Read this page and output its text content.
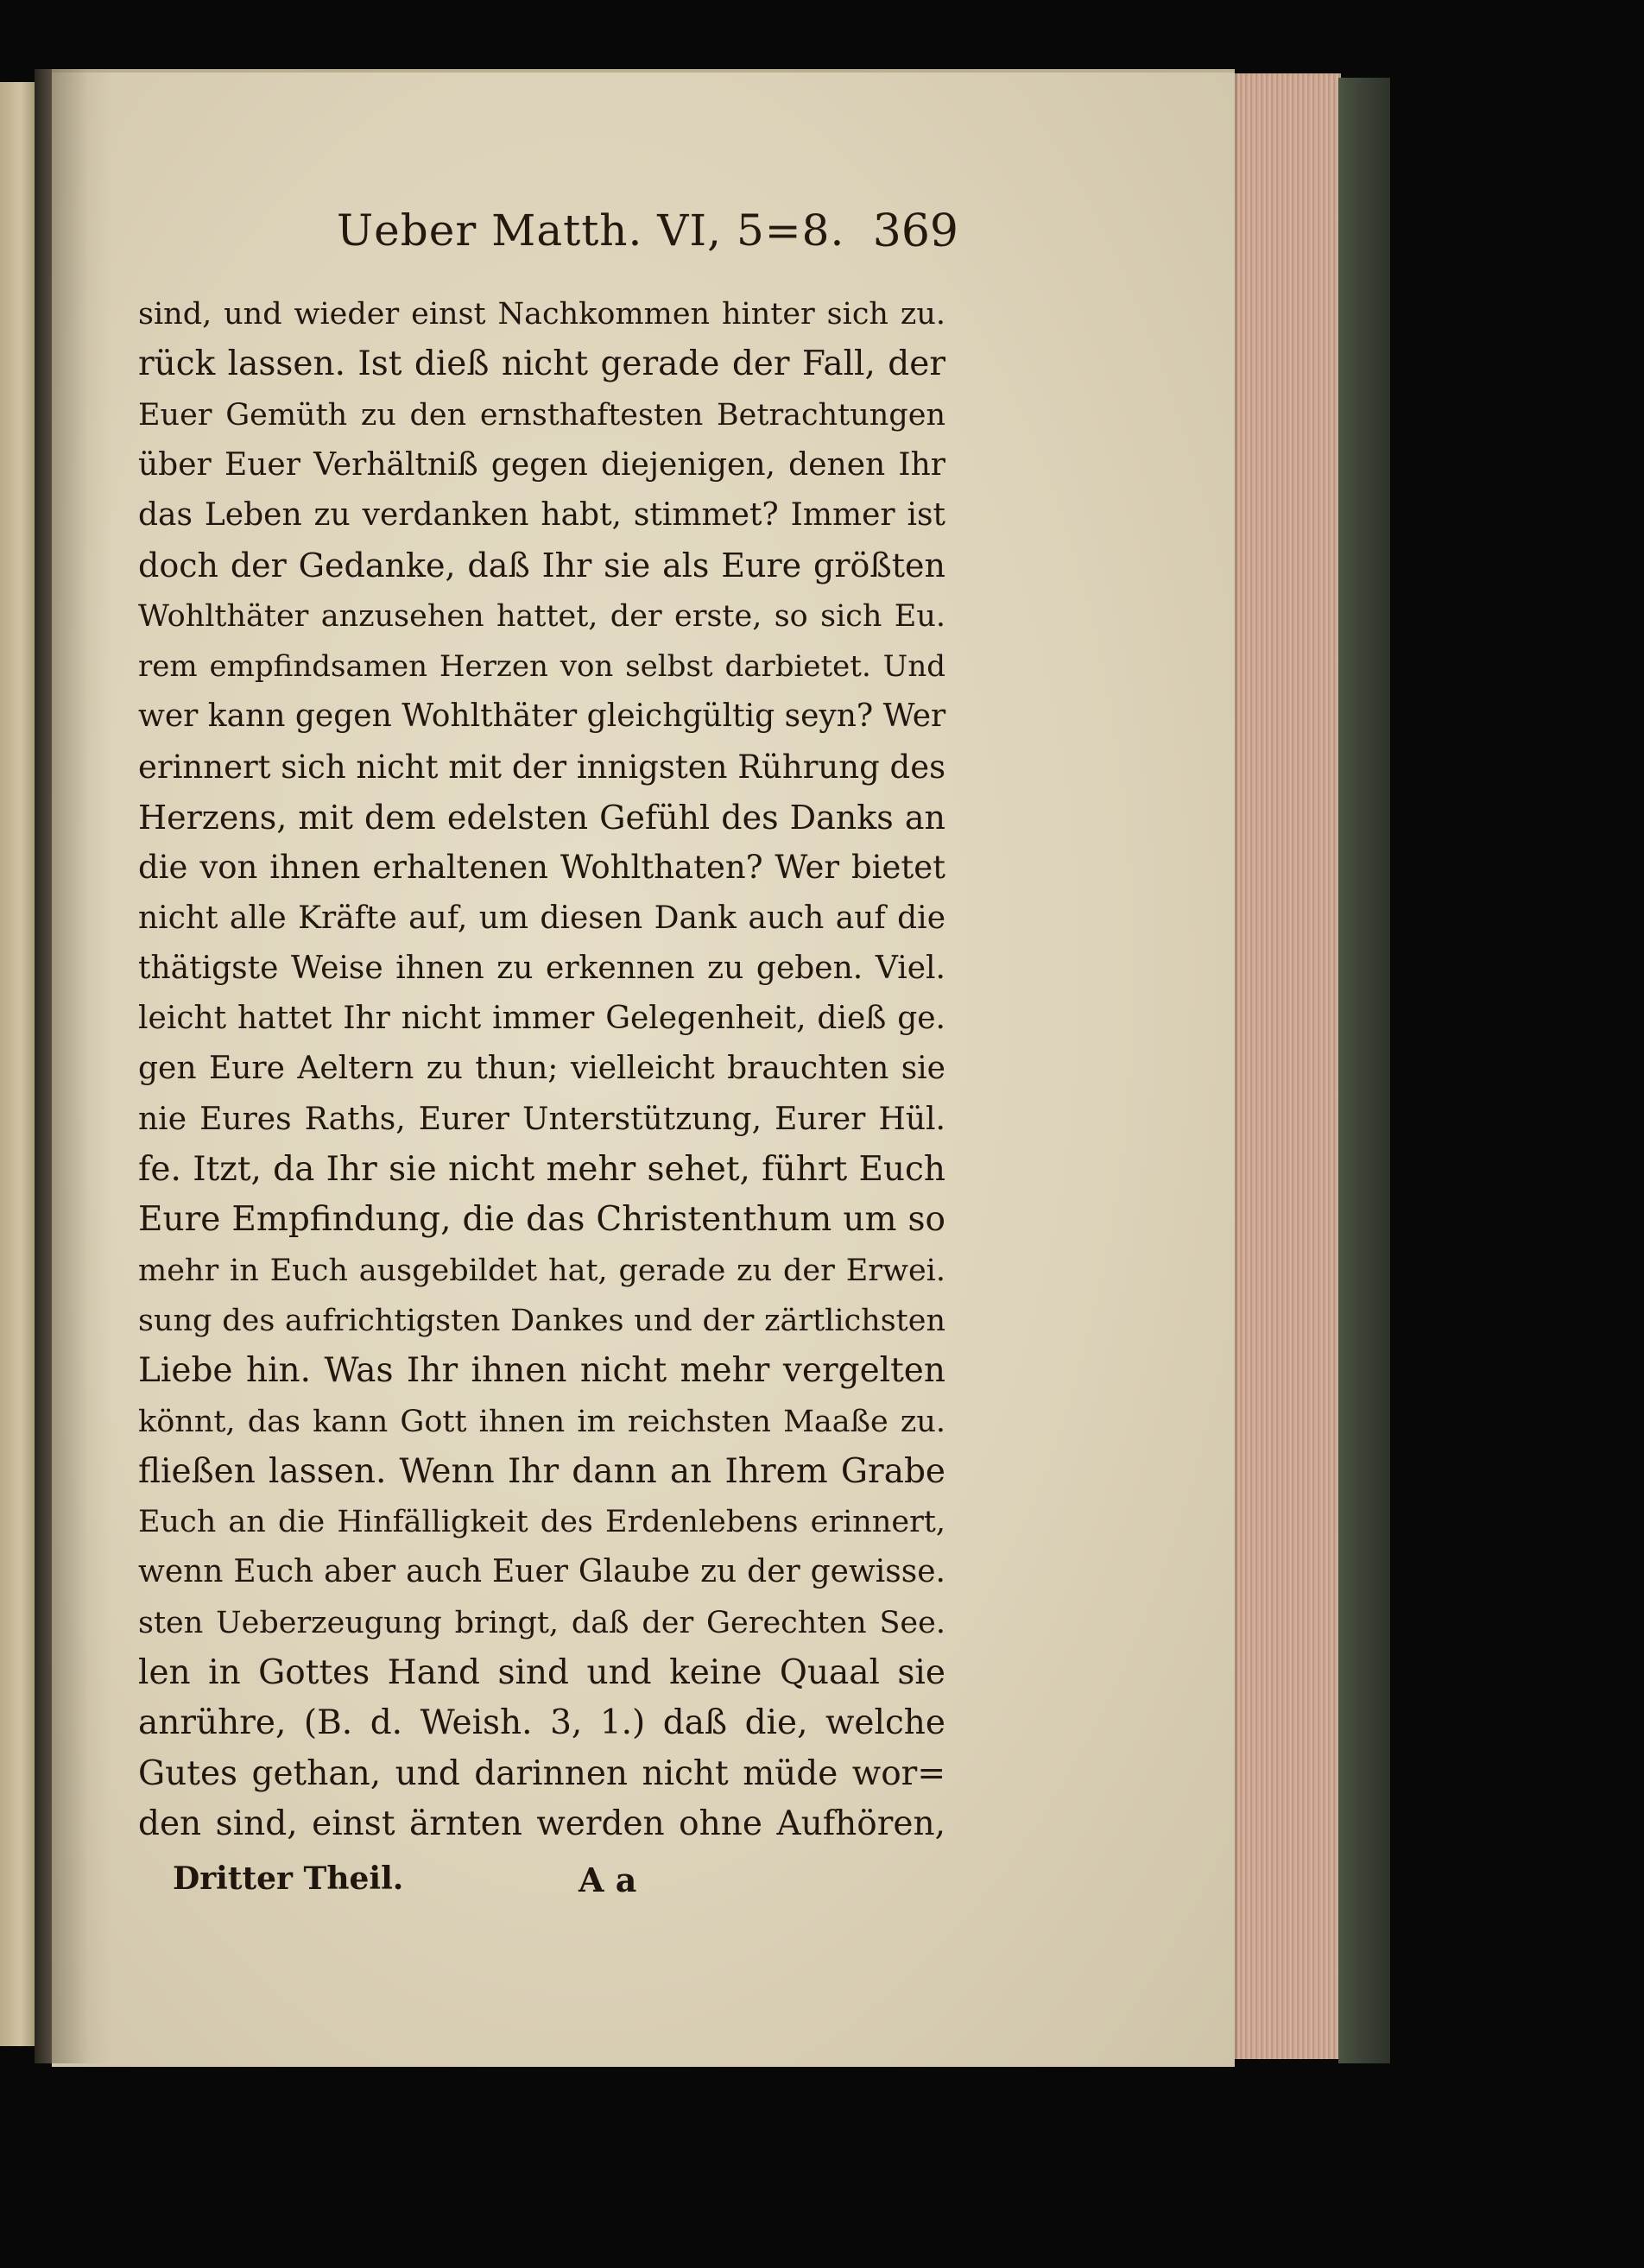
Ueber Matth. VI, 5=8. 369
sind, und wieder einst Nachkommen hinter sich zu.
rück lassen. Ist dieß nicht gerade der Fall, der
Euer Gemüth zu den ernsthaftesten Betrachtungen
über Euer Verhältniß gegen diejenigen, denen Ihr
das Leben zu verdanken habt, stimmet? Immer ist
doch der Gedanke, daß Ihr sie als Eure größten
Wohlthäter anzusehen hattet, der erste, so sich Eu.
rem empfindsamen Herzen von selbst darbietet. Und
wer kann gegen Wohlthäter gleichgültig seyn? Wer
erinnert sich nicht mit der innigsten Rührung des
Herzens, mit dem edelsten Gefühl des Danks an
die von ihnen erhaltenen Wohlthaten? Wer bietet
nicht alle Kräfte auf, um diesen Dank auch auf die
thätigste Weise ihnen zu erkennen zu geben. Viel.
leicht hattet Ihr nicht immer Gelegenheit, dieß ge.
gen Eure Aeltern zu thun; vielleicht brauchten sie
nie Eures Raths, Eurer Unterstützung, Eurer Hül.
fe. Itzt, da Ihr sie nicht mehr sehet, führt Euch
Eure Empfindung, die das Christenthum um so
mehr in Euch ausgebildet hat, gerade zu der Erwei.
sung des aufrichtigsten Dankes und der zärtlichsten
Liebe hin. Was Ihr ihnen nicht mehr vergelten
könnt, das kann Gott ihnen im reichsten Maaße zu.
fließen lassen. Wenn Ihr dann an Ihrem Grabe
Euch an die Hinfälligkeit des Erdenlebens erinnert,
wenn Euch aber auch Euer Glaube zu der gewisse.
sten Ueberzeugung bringt, daß der Gerechten See.
len in Gottes Hand sind und keine Quaal sie
anrühre, (B. d. Weish. 3, 1.) daß die, welche
Gutes gethan, und darinnen nicht müde wor=
den sind, einst ärnten werden ohne Aufhören,
Dritter Theil.	A a
